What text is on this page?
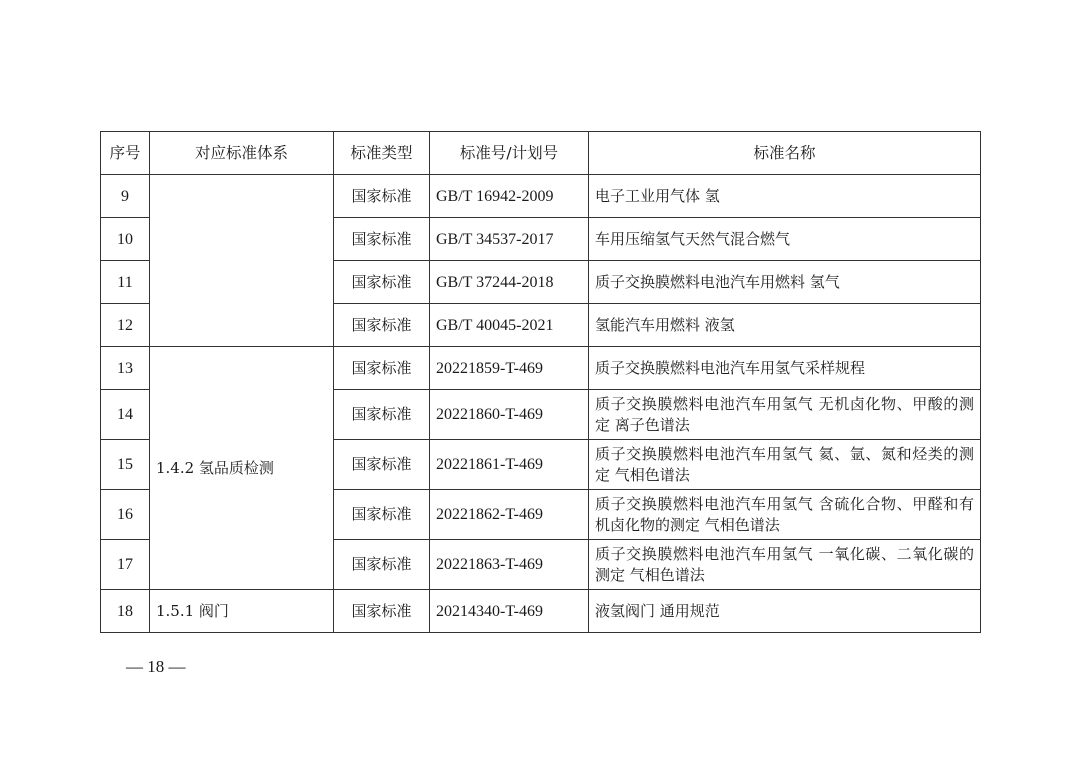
序号	对应标准体系	标准类型	标准号/计划号	标准名称
9		国家标准	GB/T 16942-2009	电子工业用气体 氢
10		国家标准	GB/T 34537-2017	车用压缩氢气天然气混合燃气
11		国家标准	GB/T 37244-2018	质子交换膜燃料电池汽车用燃料 氢气
12		国家标准	GB/T 40045-2021	氢能汽车用燃料 液氢
13	1.4.2 氢品质检测	国家标准	20221859-T-469	质子交换膜燃料电池汽车用氢气采样规程
14		国家标准	20221860-T-469	质子交换膜燃料电池汽车用氢气 无机卤化物、甲酸的测定 离子色谱法
15		国家标准	20221861-T-469	质子交换膜燃料电池汽车用氢气 氦、氩、氮和烃类的测定 气相色谱法
16		国家标准	20221862-T-469	质子交换膜燃料电池汽车用氢气 含硫化合物、甲醛和有机卤化物的测定 气相色谱法
17		国家标准	20221863-T-469	质子交换膜燃料电池汽车用氢气 一氧化碳、二氧化碳的测定 气相色谱法
18	1.5.1 阀门	国家标准	20214340-T-469	液氢阀门 通用规范
— 18 —
